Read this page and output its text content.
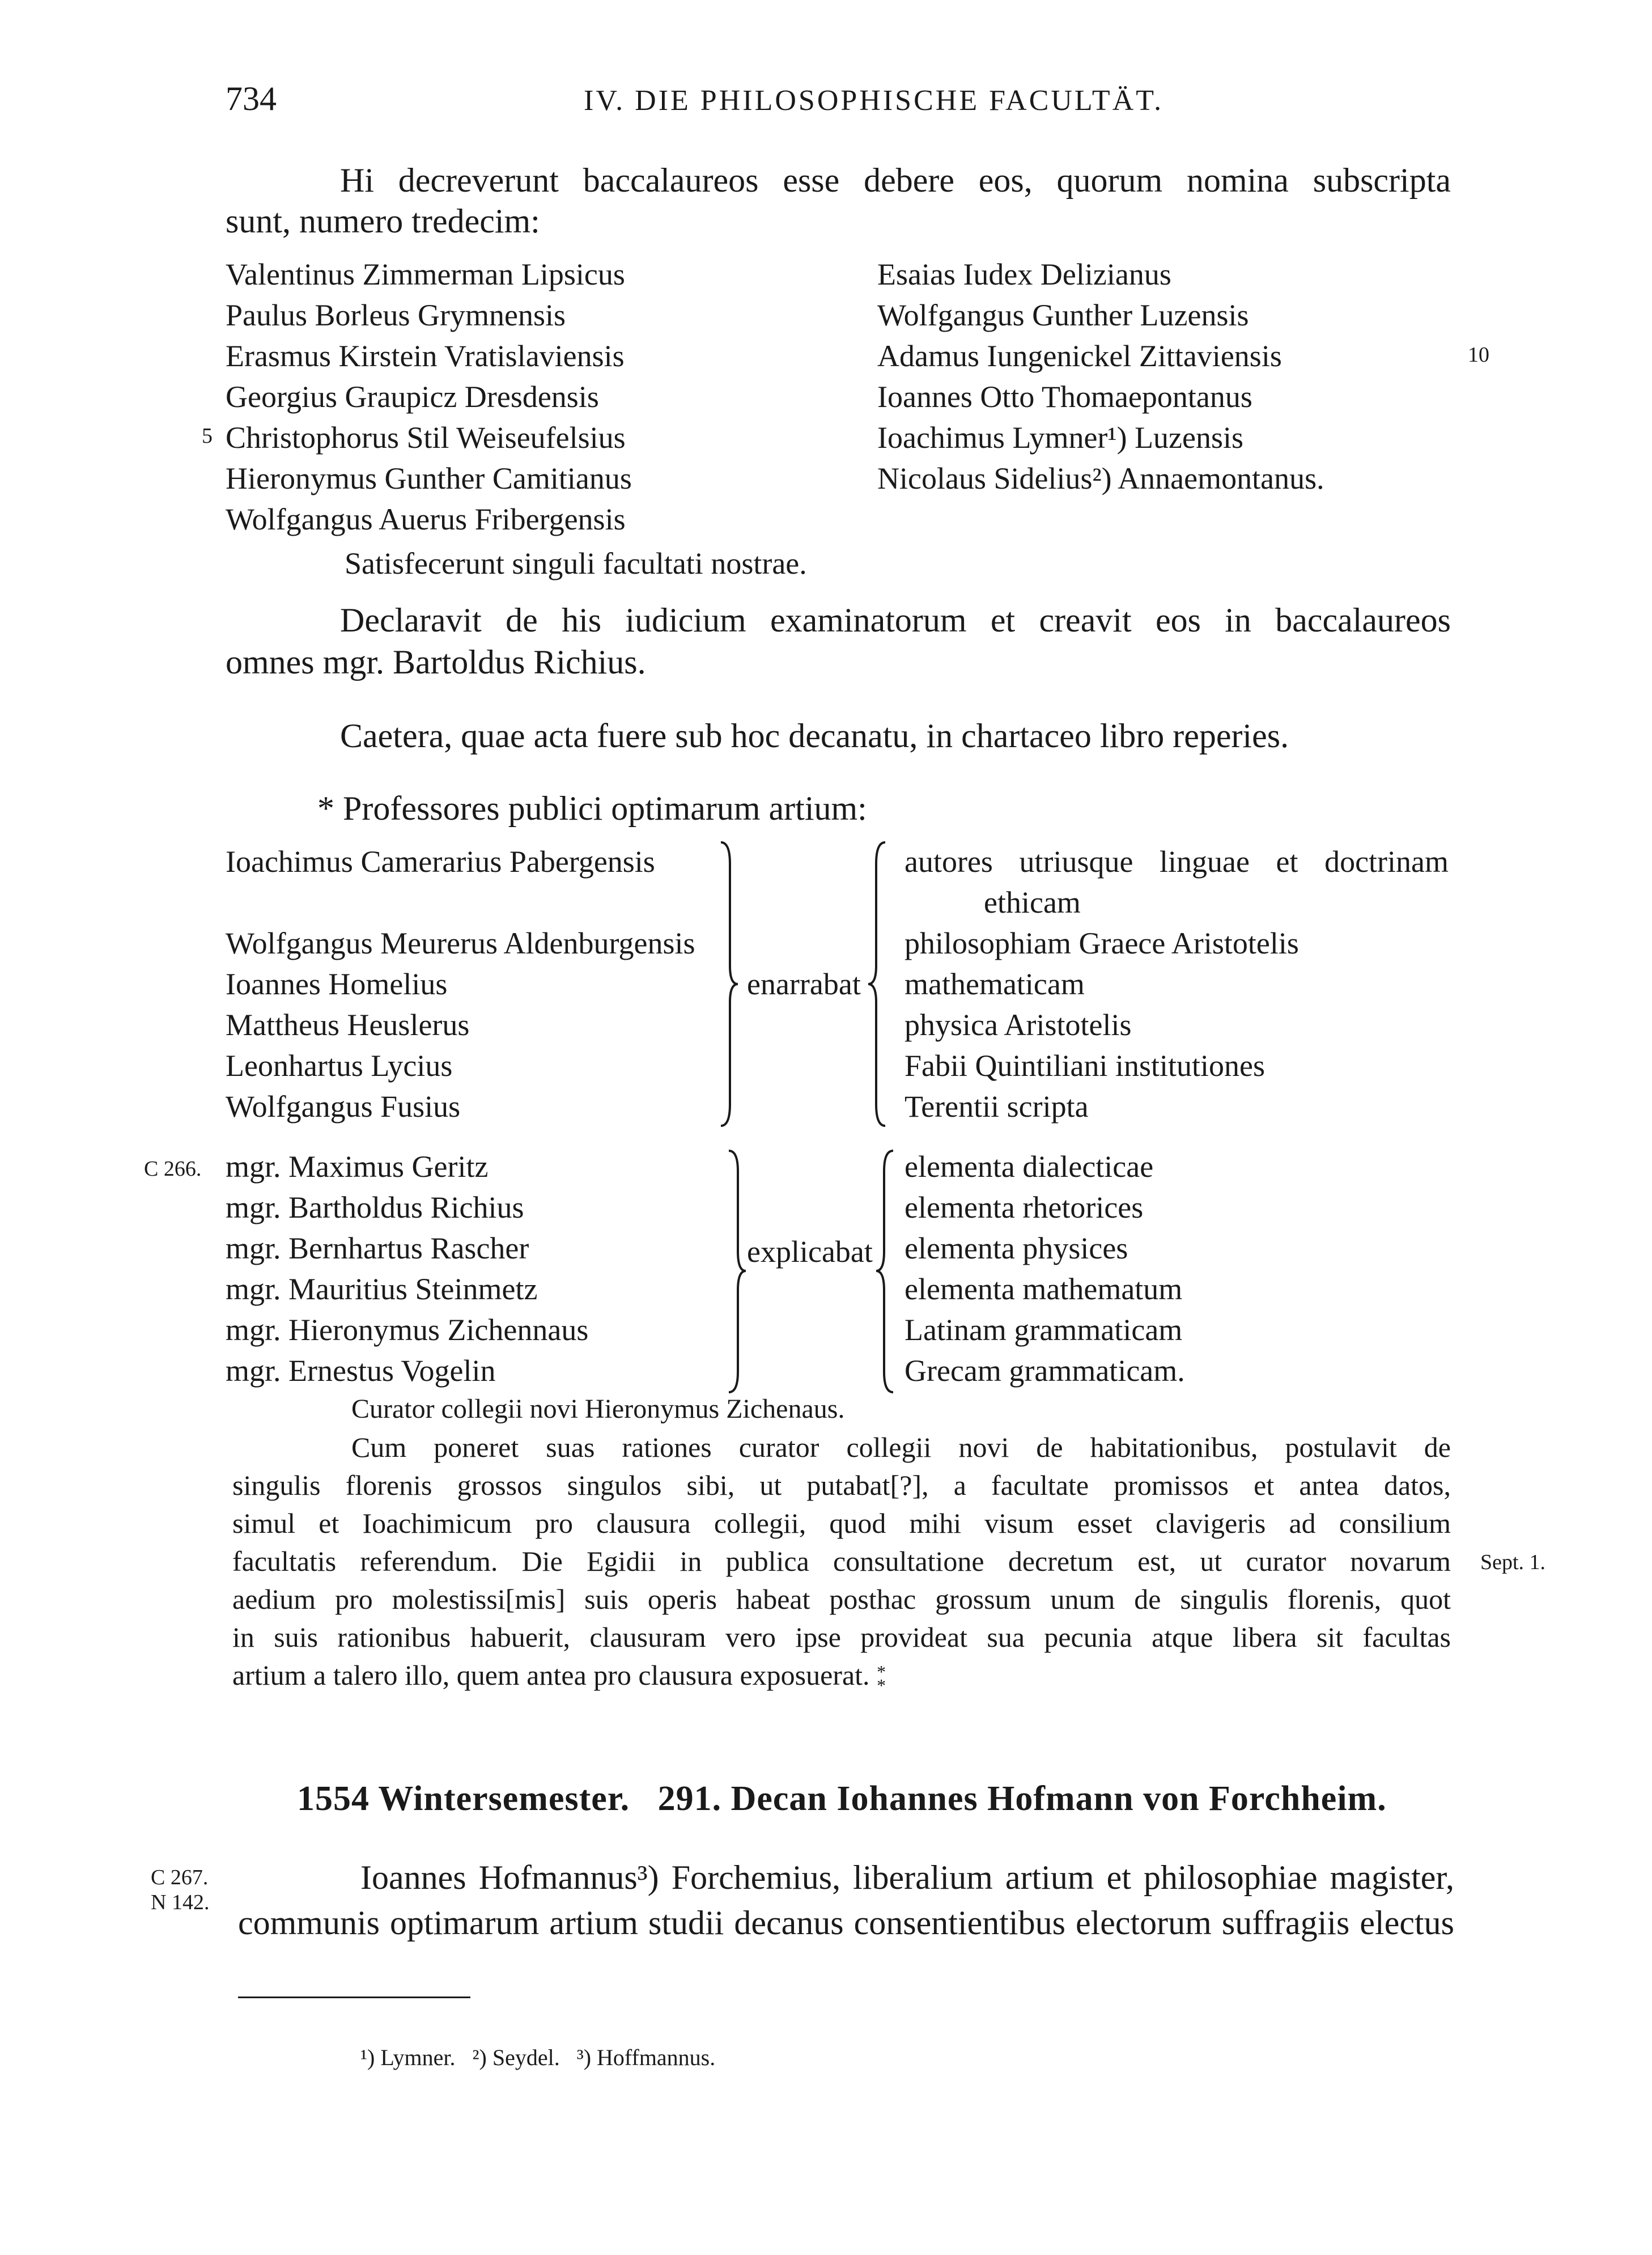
734	IV. DIE PHILOSOPHISCHE FACULTÄT.
Hi decreverunt baccalaureos esse debere eos, quorum nomina subscripta
sunt, numero tredecim:
Valentinus Zimmerman Lipsicus
Paulus Borleus Grymnensis
Erasmus Kirstein Vratislaviensis
Georgius Graupicz Dresdensis
Christophorus Stil Weiseufelsius
Hieronymus Gunther Camitianus
Wolfgangus Auerus Fribergensis
Esaias Iudex Delizianus
Wolfgangus Gunther Luzensis
Adamus Iungenickel Zittaviensis
Ioannes Otto Thomaepontanus
Ioachimus Lymner¹) Luzensis
Nicolaus Sidelius²) Annaemontanus.
5
10
Satisfecerunt singuli facultati nostrae.
Declaravit de his iudicium examinatorum et creavit eos in baccalaureos
omnes mgr. Bartoldus Richius.
Caetera, quae acta fuere sub hoc decanatu, in chartaceo libro reperies.
* Professores publici optimarum artium:
Ioachimus Camerarius Pabergensis
Wolfgangus Meurerus Aldenburgensis
Ioannes Homelius
Mattheus Heuslerus
Leonhartus Lycius
Wolfgangus Fusius
enarrabat
autores utriusque linguae et doctrinam
ethicam
philosophiam Graece Aristotelis
mathematicam
physica Aristotelis
Fabii Quintiliani institutiones
Terentii scripta
C 266. mgr. Maximus Geritz
mgr. Bartholdus Richius
mgr. Bernhartus Rascher
mgr. Mauritius Steinmetz
mgr. Hieronymus Zichennaus
mgr. Ernestus Vogelin
explicabat
elementa dialecticae
elementa rhetorices
elementa physices
elementa mathematum
Latinam grammaticam
Grecam grammaticam.
Curator collegii novi Hieronymus Zichenaus.
Cum poneret suas rationes curator collegii novi de habitationibus, postulavit de
singulis florenis grossos singulos sibi, ut putabat[?], a facultate promissos et antea datos,
simul et Ioachimicum pro clausura collegii, quod mihi visum esset clavigeris ad consilium
facultatis referendum. Die Egidii in publica consultatione decretum est, ut curator novarum
aedium pro molestissi[mis] suis operis habeat posthac grossum unum de singulis florenis, quot
in suis rationibus habuerit, clausuram vero ipse provideat sua pecunia atque libera sit facultas
artium a talero illo, quem antea pro clausura exposuerat. *
*
Sept. 1.
1554 Wintersemester.   291. Decan Iohannes Hofmann von Forchheim.
C 267.
N 142.
Ioannes Hofmannus³) Forchemius, liberalium artium et philosophiae magister,
communis optimarum artium studii decanus consentientibus electorum suffragiis electus
¹) Lymner.   ²) Seydel.   ³) Hoffmannus.
